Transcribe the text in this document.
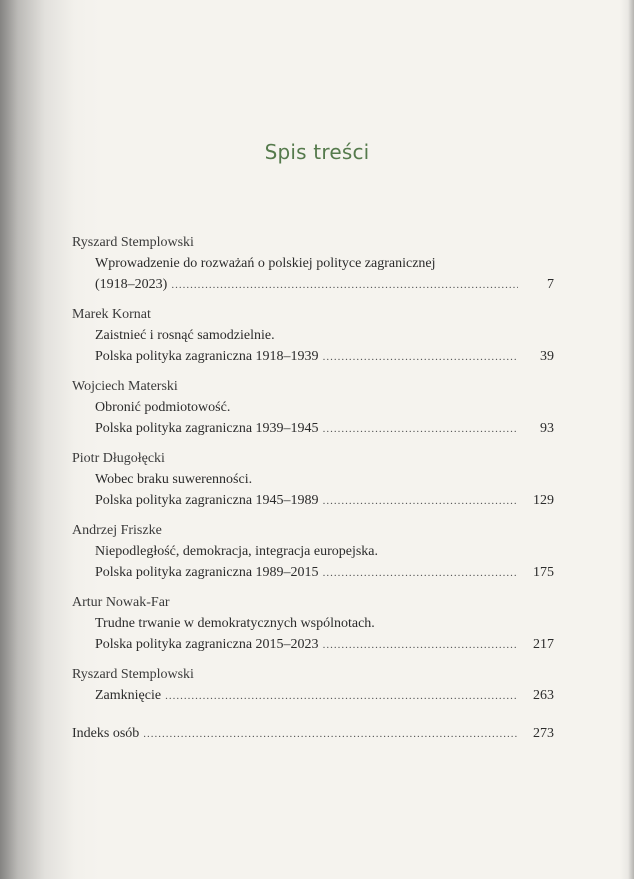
Spis treści
Ryszard Stemplowski
Wprowadzenie do rozważań o polskiej polityce zagranicznej
(1918–2023) .....	7
Marek Kornat
Zaistnieć i rosnąć samodzielnie.
Polska polityka zagraniczna 1918–1939 .....	39
Wojciech Materski
Obronić podmiotowość.
Polska polityka zagraniczna 1939–1945 .....	93
Piotr Długołęcki
Wobec braku suwerenności.
Polska polityka zagraniczna 1945–1989 .....	129
Andrzej Friszke
Niepodległość, demokracja, integracja europejska.
Polska polityka zagraniczna 1989–2015 .....	175
Artur Nowak-Far
Trudne trwanie w demokratycznych wspólnotach.
Polska polityka zagraniczna 2015–2023 .....	217
Ryszard Stemplowski
Zamknięcie .....	263
Indeks osób .....	273
